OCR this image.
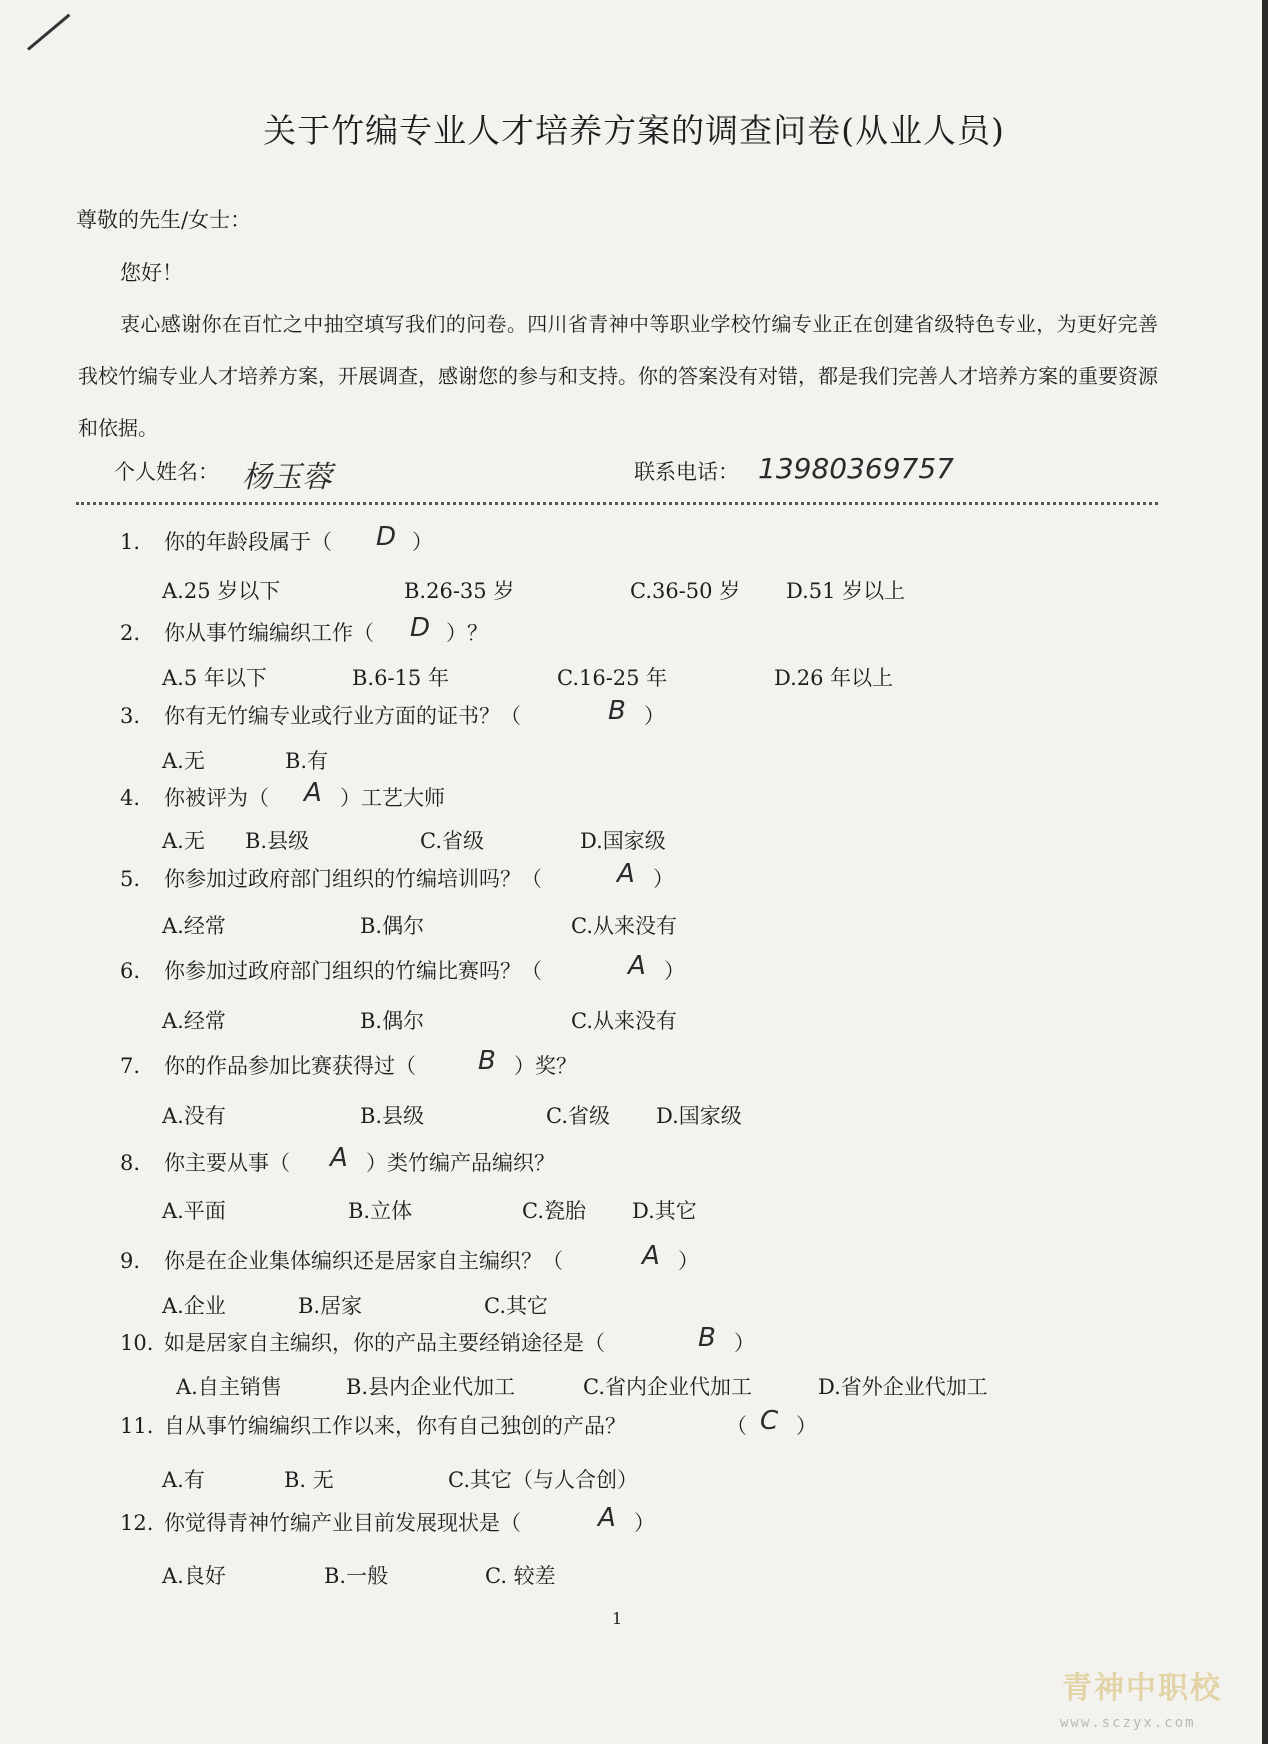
关于竹编专业人才培养方案的调查问卷(从业人员)
尊敬的先生/女士：
您好！

衷心感谢你在百忙之中抽空填写我们的问卷。四川省青神中等职业学校竹编专业正在创建省级特色专业，为更好完善我校竹编专业人才培养方案，开展调查，感谢您的参与和支持。你的答案没有对错，都是我们完善人才培养方案的重要资源和依据。

个人姓名： 杨玉蓉	联系电话： 13980369757
1. 你的年龄段属于（ D ）
A.25 岁以下	B.26-35 岁	C.36-50 岁 D.51 岁以上
2. 你从事竹编编织工作（ D ）？
A.5 年以下	B.6-15 年	C.16-25 年	D.26 年以上
3. 你有无竹编专业或行业方面的证书？（	B ）
A.无	B.有
4. 你被评为（ A ）工艺大师
A.无 B.县级	C.省级	D.国家级
5. 你参加过政府部门组织的竹编培训吗？（	A ）
A.经常	B.偶尔	C.从来没有
6. 你参加过政府部门组织的竹编比赛吗？（	A ）
A.经常	B.偶尔	C.从来没有
7. 你的作品参加比赛获得过（ B ）奖？
A.没有	B.县级	C.省级 D.国家级
8. 你主要从事（ A ）类竹编产品编织？
A.平面	B.立体	C.瓷胎 D.其它
9. 你是在企业集体编织还是居家自主编织？（	A ）
A.企业	B.居家	C.其它
10. 如是居家自主编织，你的产品主要经销途径是（	B ）
A.自主销售	B.县内企业代加工	C.省内企业代加工	D.省外企业代加工
11. 自从事竹编编织工作以来，你有自己独创的产品？	C ）
A.有	B. 无	C.其它（与人合创）
12. 你觉得青神竹编产业目前发展现状是（	A ）
A.良好	B.一般	C. 较差
（
1
青神中职校
www.sczyx.com
